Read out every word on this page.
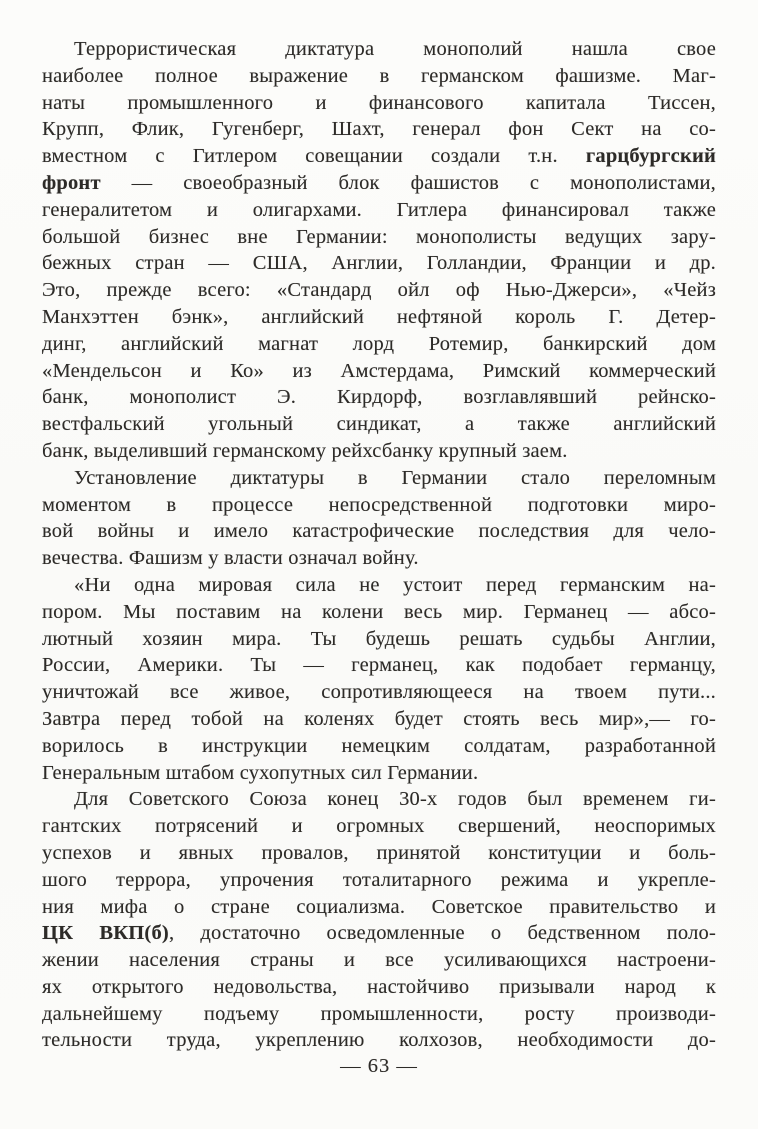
Террористическая диктатура монополий нашла свое
наиболее полное выражение в германском фашизме. Маг-
наты промышленного и финансового капитала Тиссен,
Крупп, Флик, Гугенберг, Шахт, генерал фон Сект на со-
вместном с Гитлером совещании создали т.н. гарцбургский
фронт — своеобразный блок фашистов с монополистами,
генералитетом и олигархами. Гитлера финансировал также
большой бизнес вне Германии: монополисты ведущих зару-
бежных стран — США, Англии, Голландии, Франции и др.
Это, прежде всего: «Стандард ойл оф Нью-Джерси», «Чейз
Манхэттен бэнк», английский нефтяной король Г. Детер-
динг, английский магнат лорд Ротемир, банкирский дом
«Мендельсон и Ко» из Амстердама, Римский коммерческий
банк, монополист Э. Кирдорф, возглавлявший рейнско-
вестфальский угольный синдикат, а также английский
банк, выделивший германскому рейхсбанку крупный заем.
Установление диктатуры в Германии стало переломным
моментом в процессе непосредственной подготовки миро-
вой войны и имело катастрофические последствия для чело-
вечества. Фашизм у власти означал войну.
«Ни одна мировая сила не устоит перед германским на-
пором. Мы поставим на колени весь мир. Германец — абсо-
лютный хозяин мира. Ты будешь решать судьбы Англии,
России, Америки. Ты — германец, как подобает германцу,
уничтожай все живое, сопротивляющееся на твоем пути...
Завтра перед тобой на коленях будет стоять весь мир»,— го-
ворилось в инструкции немецким солдатам, разработанной
Генеральным штабом сухопутных сил Германии.
Для Советского Союза конец 30-х годов был временем ги-
гантских потрясений и огромных свершений, неоспоримых
успехов и явных провалов, принятой конституции и боль-
шого террора, упрочения тоталитарного режима и укрепле-
ния мифа о стране социализма. Советское правительство и
ЦК ВКП(б), достаточно осведомленные о бедственном поло-
жении населения страны и все усиливающихся настроени-
ях открытого недовольства, настойчиво призывали народ к
дальнейшему подъему промышленности, росту производи-
тельности труда, укреплению колхозов, необходимости до-
— 63 —
